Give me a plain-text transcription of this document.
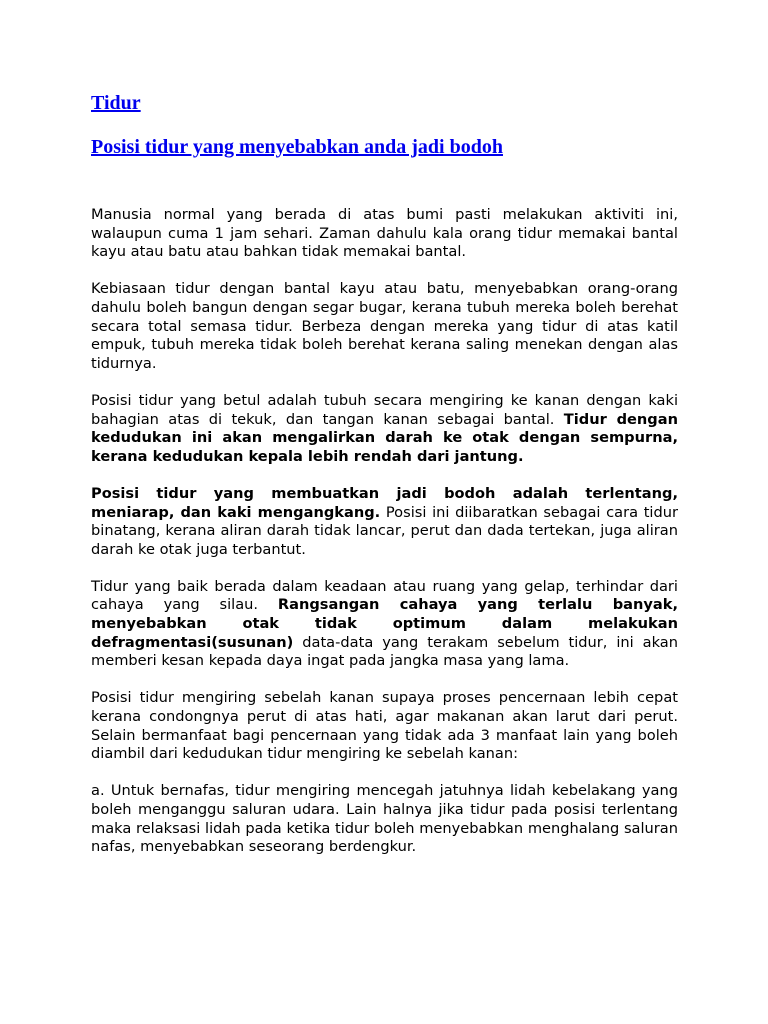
Tidur
Posisi tidur yang menyebabkan anda jadi bodoh

Manusia normal yang berada di atas bumi pasti melakukan aktiviti ini, walaupun cuma 1 jam sehari. Zaman dahulu kala orang tidur memakai bantal kayu atau batu atau bahkan tidak memakai bantal.

Kebiasaan tidur dengan bantal kayu atau batu, menyebabkan orang-orang dahulu boleh bangun dengan segar bugar, kerana tubuh mereka boleh berehat secara total semasa tidur. Berbeza dengan mereka yang tidur di atas katil empuk, tubuh mereka tidak boleh berehat kerana saling menekan dengan alas tidurnya.

Posisi tidur yang betul adalah tubuh secara mengiring ke kanan dengan kaki bahagian atas di tekuk, dan tangan kanan sebagai bantal. Tidur dengan kedudukan ini akan mengalirkan darah ke otak dengan sempurna, kerana kedudukan kepala lebih rendah dari jantung.

Posisi tidur yang membuatkan jadi bodoh adalah terlentang, meniarap, dan kaki mengangkang. Posisi ini diibaratkan sebagai cara tidur binatang, kerana aliran darah tidak lancar, perut dan dada tertekan, juga aliran darah ke otak juga terbantut.

Tidur yang baik berada dalam keadaan atau ruang yang gelap, terhindar dari cahaya yang silau. Rangsangan cahaya yang terlalu banyak, menyebabkan otak tidak optimum dalam melakukan defragmentasi(susunan) data-data yang terakam sebelum tidur, ini akan memberi kesan kepada daya ingat pada jangka masa yang lama.

Posisi tidur mengiring sebelah kanan supaya proses pencernaan lebih cepat kerana condongnya perut di atas hati, agar makanan akan larut dari perut. Selain bermanfaat bagi pencernaan yang tidak ada 3 manfaat lain yang boleh diambil dari kedudukan tidur mengiring ke sebelah kanan:

a. Untuk bernafas, tidur mengiring mencegah jatuhnya lidah kebelakang yang boleh menganggu saluran udara. Lain halnya jika tidur pada posisi terlentang maka relaksasi lidah pada ketika tidur boleh menyebabkan menghalang saluran nafas, menyebabkan seseorang berdengkur.
